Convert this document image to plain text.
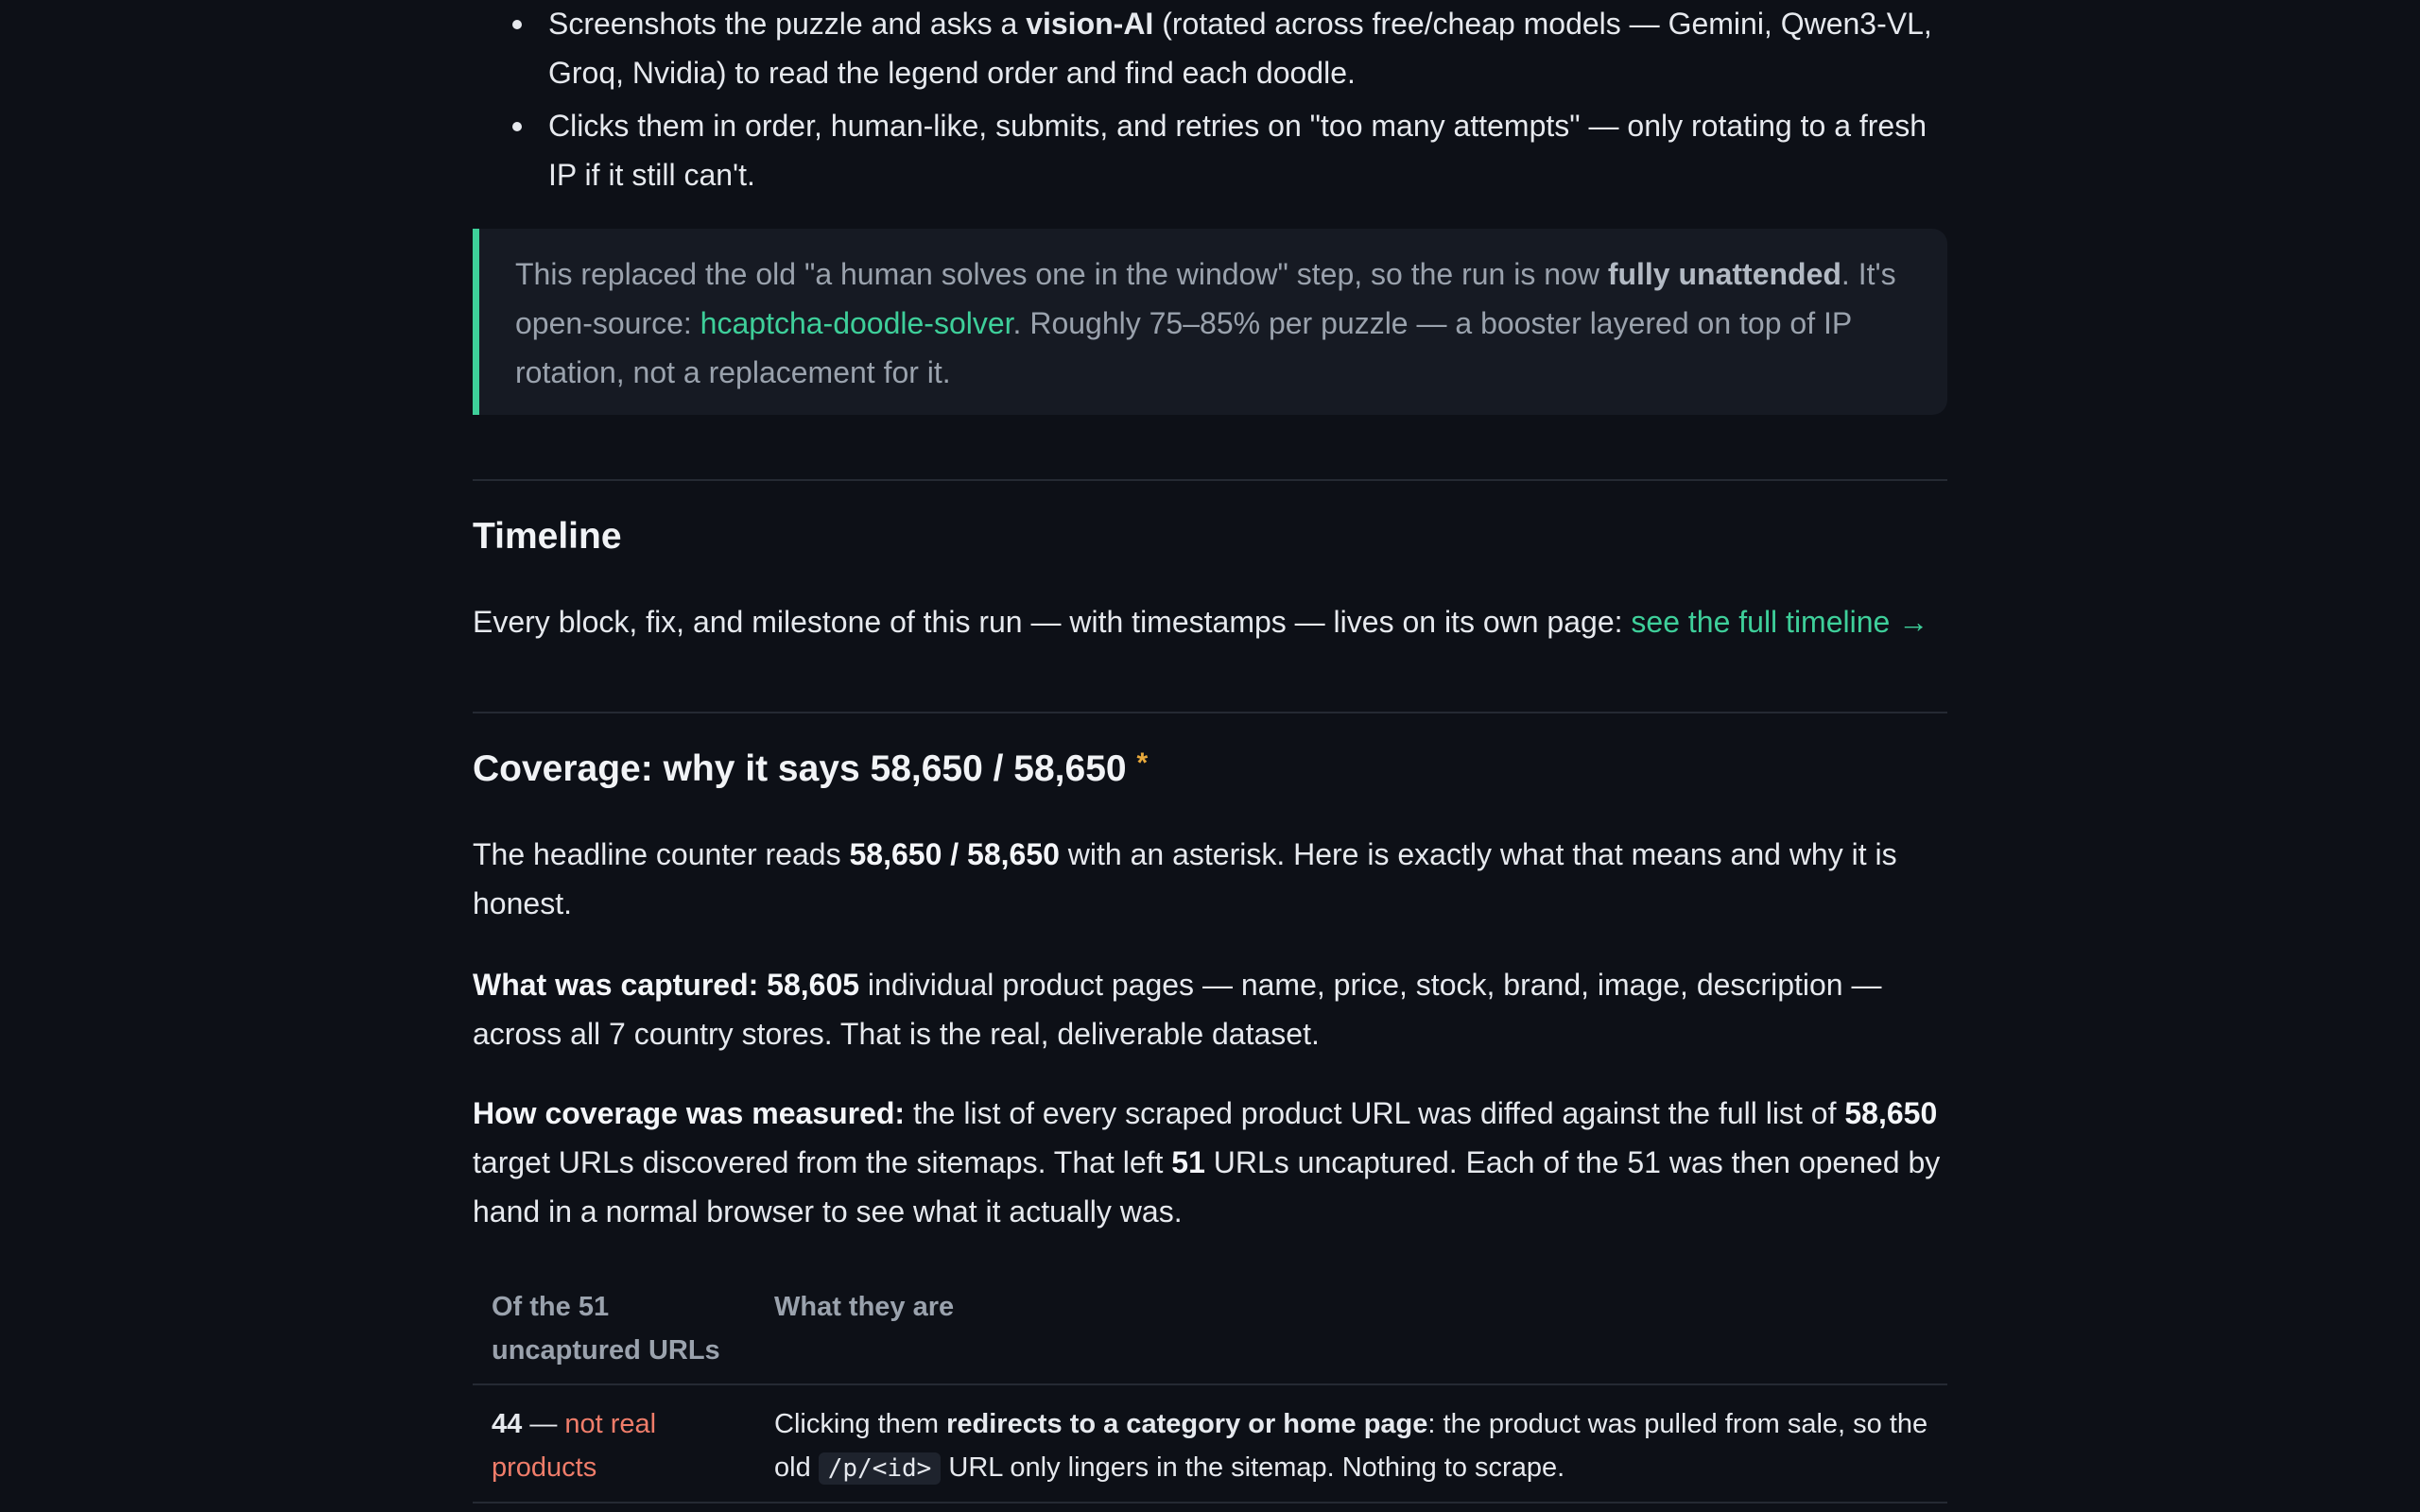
Screenshots the puzzle and asks a vision-AI (rotated across free/cheap models — Gemini, Qwen3-VL, Groq, Nvidia) to read the legend order and find each doodle.
Clicks them in order, human-like, submits, and retries on "too many attempts" — only rotating to a fresh IP if it still can't.

This replaced the old "a human solves one in the window" step, so the run is now fully unattended. It's open-source: hcaptcha-doodle-solver. Roughly 75–85% per puzzle — a booster layered on top of IP rotation, not a replacement for it.

Timeline

Every block, fix, and milestone of this run — with timestamps — lives on its own page: see the full timeline →

Coverage: why it says 58,650 / 58,650 *

The headline counter reads 58,650 / 58,650 with an asterisk. Here is exactly what that means and why it is honest.

What was captured: 58,605 individual product pages — name, price, stock, brand, image, description — across all 7 country stores. That is the real, deliverable dataset.

How coverage was measured: the list of every scraped product URL was diffed against the full list of 58,650 target URLs discovered from the sitemaps. That left 51 URLs uncaptured. Each of the 51 was then opened by hand in a normal browser to see what it actually was.

Of the 51 uncaptured URLs	What they are
44 — not real products	Clicking them redirects to a category or home page: the product was pulled from sale, so the old /p/<id> URL only lingers in the sitemap. Nothing to scrape.
